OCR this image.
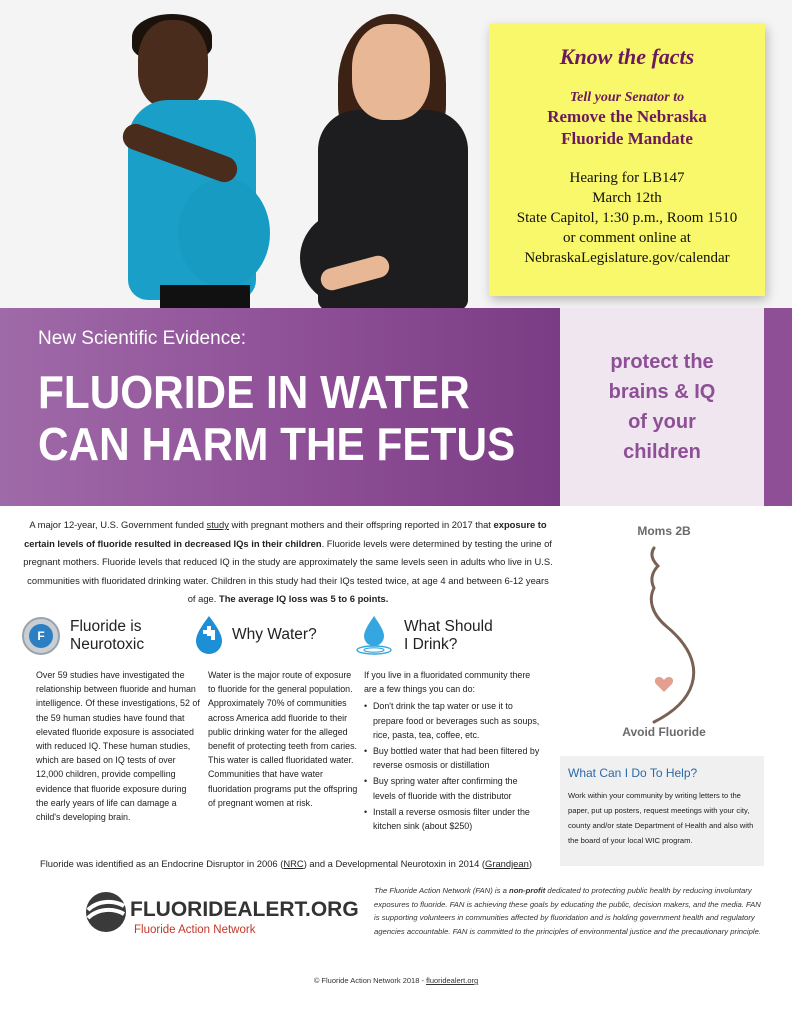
Know the facts
Tell your Senator to
Remove the Nebraska
Fluoride Mandate
Hearing for LB147
March 12th
State Capitol, 1:30 p.m., Room 1510
or comment online at
NebraskaLegislature.gov/calendar
New Scientific Evidence:
FLUORIDE IN WATER CAN HARM THE FETUS
protect the
brains & IQ
of your
children
A major 12-year, U.S. Government funded study with pregnant mothers and their offspring reported in 2017 that exposure to certain levels of fluoride resulted in decreased IQs in their children. Fluoride levels were determined by testing the urine of pregnant mothers. Fluoride levels that reduced IQ in the study are approximately the same levels seen in adults who live in U.S. communities with fluoridated drinking water. Children in this study had their IQs tested twice, at age 4 and between 6-12 years of age. The average IQ loss was 5 to 6 points.
F
Fluoride is
Neurotoxic
Over 59 studies have investigated the relationship between fluoride and human intelligence. Of these investigations, 52 of the 59 human studies have found that elevated fluoride exposure is associated with reduced IQ. These human studies, which are based on IQ tests of over 12,000 children, provide compelling evidence that fluoride exposure during the early years of life can damage a child's developing brain.
Why Water?
Water is the major route of exposure to fluoride for the general population. Approximately 70% of communities across America add fluoride to their public drinking water for the alleged benefit of protecting teeth from caries. This water is called fluoridated water. Communities that have water fluoridation programs put the offspring of pregnant women at risk.
What Should
I Drink?
If you live in a fluoridated community there are a few things you can do:
• Don't drink the tap water or use it to prepare food or beverages such as soups, rice, pasta, tea, coffee, etc.
• Buy bottled water that had been filtered by reverse osmosis or distillation
• Buy spring water after confirming the levels of fluoride with the distributor
• Install a reverse osmosis filter under the kitchen sink (about $250)
Fluoride was identified as an Endocrine Disruptor in 2006 (NRC) and a Developmental Neurotoxin in 2014 (Grandjean)
Moms 2B
Avoid Fluoride
What Can I Do To Help?
Work within your community by writing letters to the paper, put up posters, request meetings with your city, county and/or state Department of Health and also with the board of your local WIC program.
FLUORIDEALERT.ORG
Fluoride Action Network
The Fluoride Action Network (FAN) is a non-profit dedicated to protecting public health by reducing involuntary exposures to fluoride. FAN is achieving these goals by educating the public, decision makers, and the media. FAN is supporting volunteers in communities affected by fluoridation and is holding government health and regulatory agencies accountable. FAN is committed to the principles of environmental justice and the precautionary principle.
© Fluoride Action Network 2018 - fluoridealert.org
